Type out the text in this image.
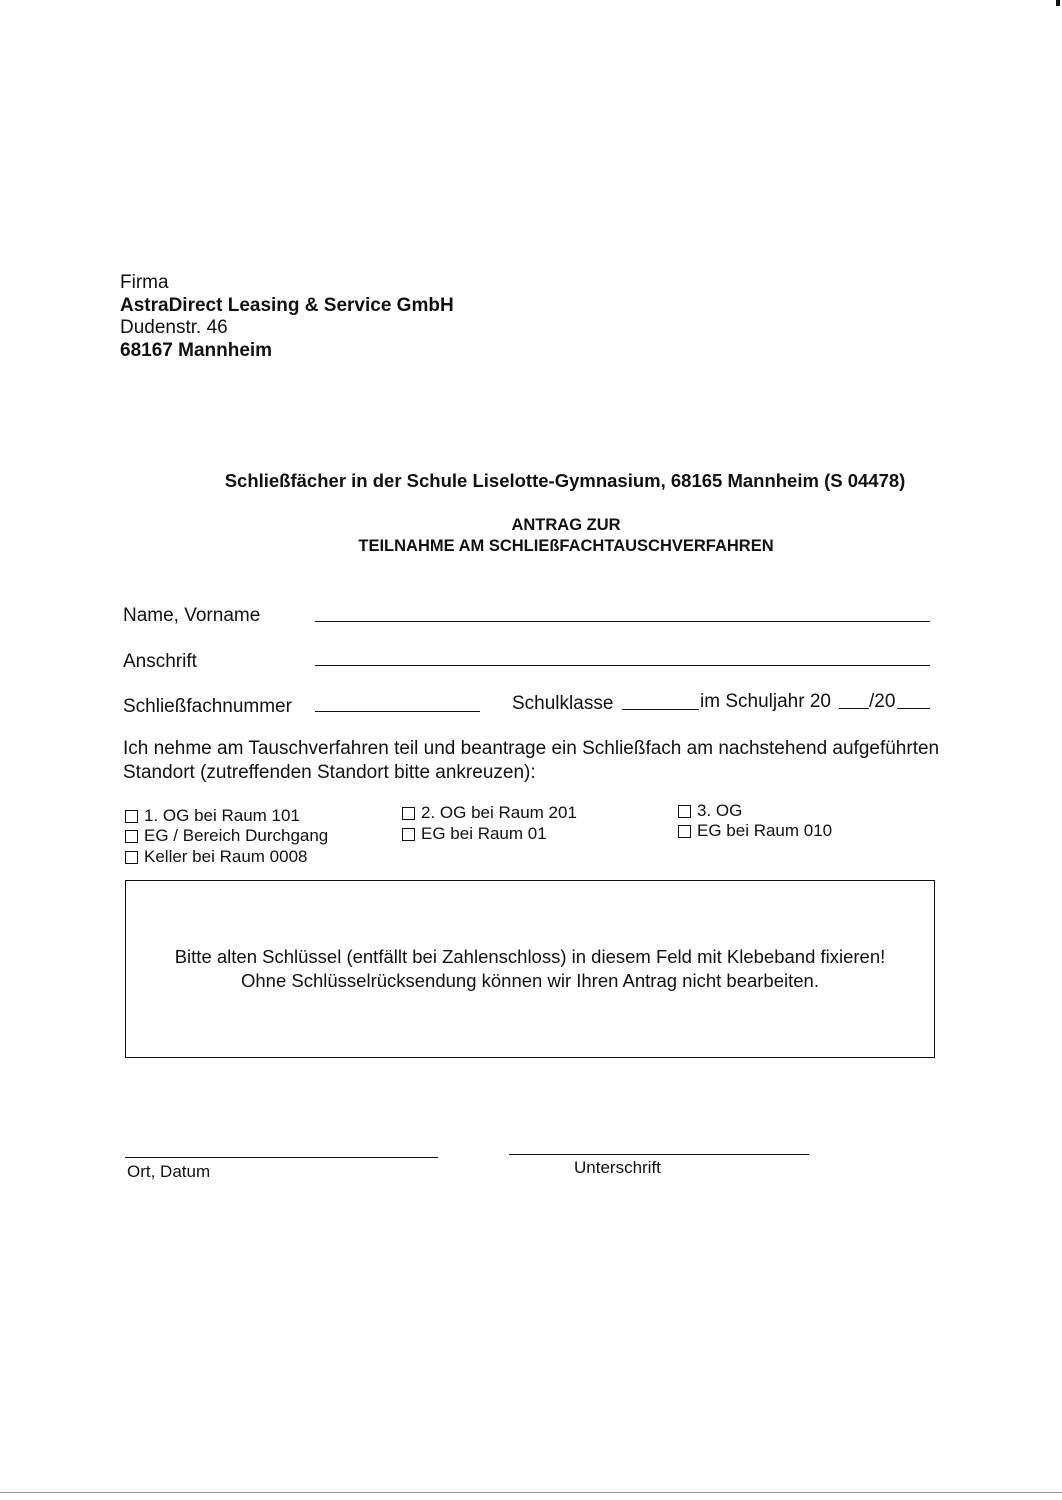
Firma
AstraDirect Leasing & Service GmbH
Dudenstr. 46
68167 Mannheim
Schließfächer in der Schule Liselotte-Gymnasium, 68165 Mannheim (S 04478)
ANTRAG ZUR
TEILNAHME AM SCHLIEßFACHTAUSCHVERFAHREN
Name, Vorname
Anschrift
Schließfachnummer	Schulklasse	im Schuljahr 20 /20
Ich nehme am Tauschverfahren teil und beantrage ein Schließfach am nachstehend aufgeführten Standort (zutreffenden Standort bitte ankreuzen):
1. OG bei Raum 101
EG / Bereich Durchgang
Keller bei Raum 0008
2. OG bei Raum 201
EG bei Raum 01
3. OG
EG bei Raum 010
Bitte alten Schlüssel (entfällt bei Zahlenschloss) in diesem Feld mit Klebeband fixieren!
Ohne Schlüsselrücksendung können wir Ihren Antrag nicht bearbeiten.
Ort, Datum	Unterschrift
